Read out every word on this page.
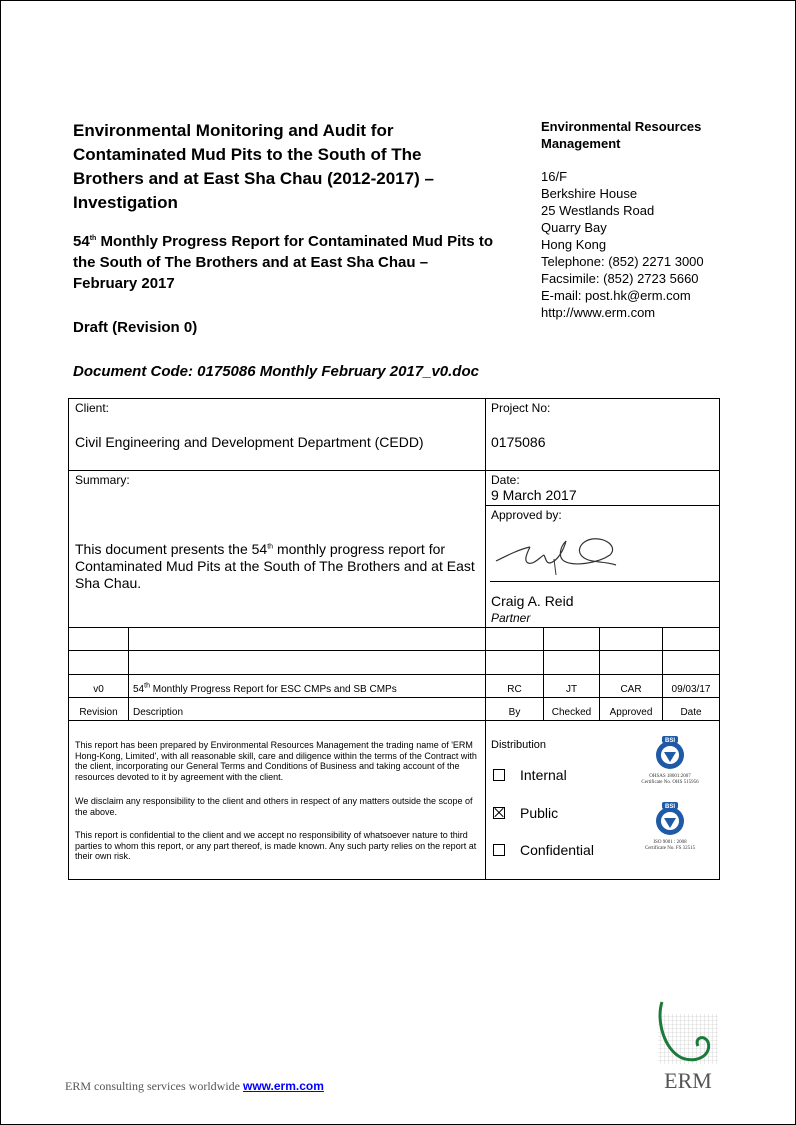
Environmental Monitoring and Audit for Contaminated Mud Pits to the South of The Brothers and at East Sha Chau (2012-2017) – Investigation
54th Monthly Progress Report for Contaminated Mud Pits to the South of The Brothers and at East Sha Chau – February 2017
Draft (Revision 0)
Document Code: 0175086 Monthly February 2017_v0.doc
Environmental Resources Management
16/F
Berkshire House
25 Westlands Road
Quarry Bay
Hong Kong
Telephone: (852) 2271 3000
Facsimile: (852) 2723 5660
E-mail: post.hk@erm.com
http://www.erm.com
Client:
Civil Engineering and Development Department (CEDD)
Project No:
0175086
Summary:
This document presents the 54th monthly progress report for Contaminated Mud Pits at the South of The Brothers and at East Sha Chau.
Date:
9 March 2017
Approved by:
Craig A. Reid
Partner
v0	54th Monthly Progress Report for ESC CMPs and SB CMPs	RC	JT	CAR	09/03/17
Revision	Description	By	Checked	Approved	Date
This report has been prepared by Environmental Resources Management the trading name of 'ERM Hong-Kong, Limited', with all reasonable skill, care and diligence within the terms of the Contract with the client, incorporating our General Terms and Conditions of Business and taking account of the resources devoted to it by agreement with the client.
We disclaim any responsibility to the client and others in respect of any matters outside the scope of the above.
This report is confidential to the client and we accept no responsibility of whatsoever nature to third parties to whom this report, or any part thereof, is made known. Any such party relies on the report at their own risk.
Distribution
Internal
Public
Confidential
BSI
OHSAS 18001:2007
Certificate No. OHS 515956
BSI
ISO 9001 : 2008
Certificate No. FS 32515
ERM consulting services worldwide www.erm.com	ERM
